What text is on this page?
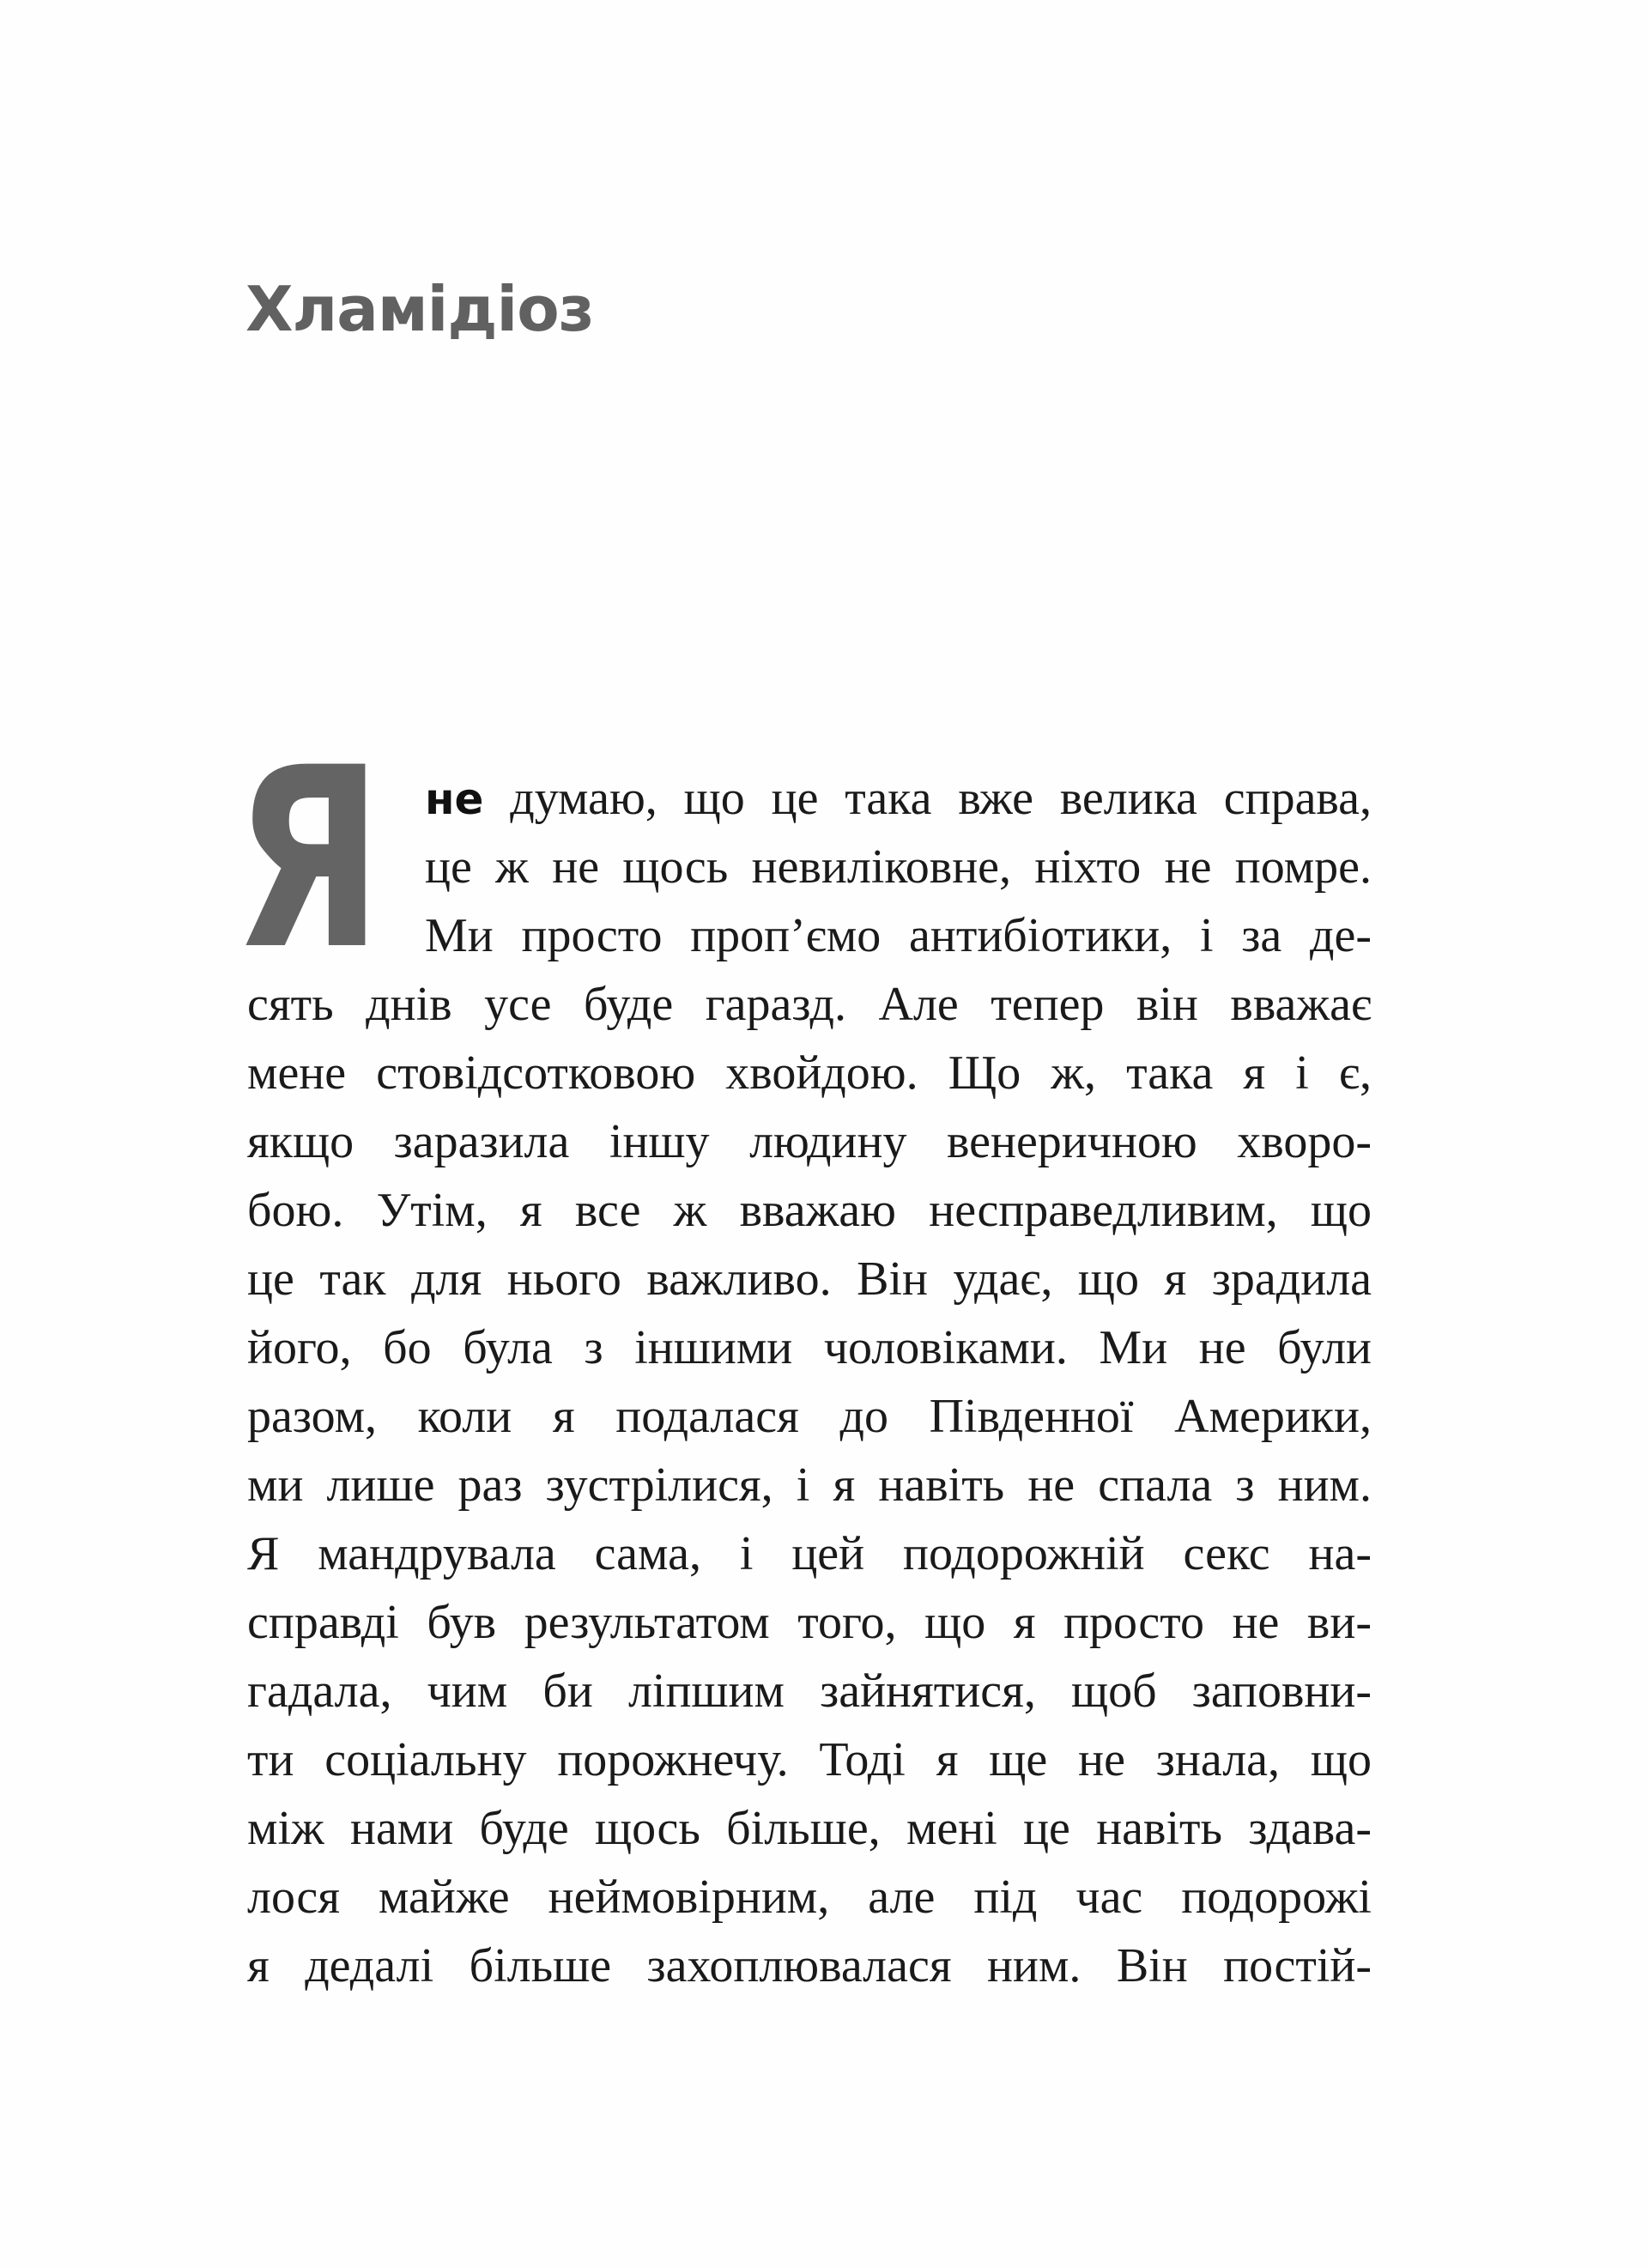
Хламідіоз
Я не думаю, що це така вже велика справа,
це ж не щось невиліковне, ніхто не помре.
Ми просто проп’ємо антибіотики, і за де-
сять днів усе буде гаразд. Але тепер він вважає
мене стовідсотковою хвойдою. Що ж, така я і є,
якщо заразила іншу людину венеричною хворо-
бою. Утім, я все ж вважаю несправедливим, що
це так для нього важливо. Він удає, що я зрадила
його, бо була з іншими чоловіками. Ми не були
разом, коли я подалася до Південної Америки,
ми лише раз зустрілися, і я навіть не спала з ним.
Я мандрувала сама, і цей подорожній секс на-
справді був результатом того, що я просто не ви-
гадала, чим би ліпшим зайнятися, щоб заповни-
ти соціальну порожнечу. Тоді я ще не знала, що
між нами буде щось більше, мені це навіть здава-
лося майже неймовірним, але під час подорожі
я дедалі більше захоплювалася ним. Він постій-
